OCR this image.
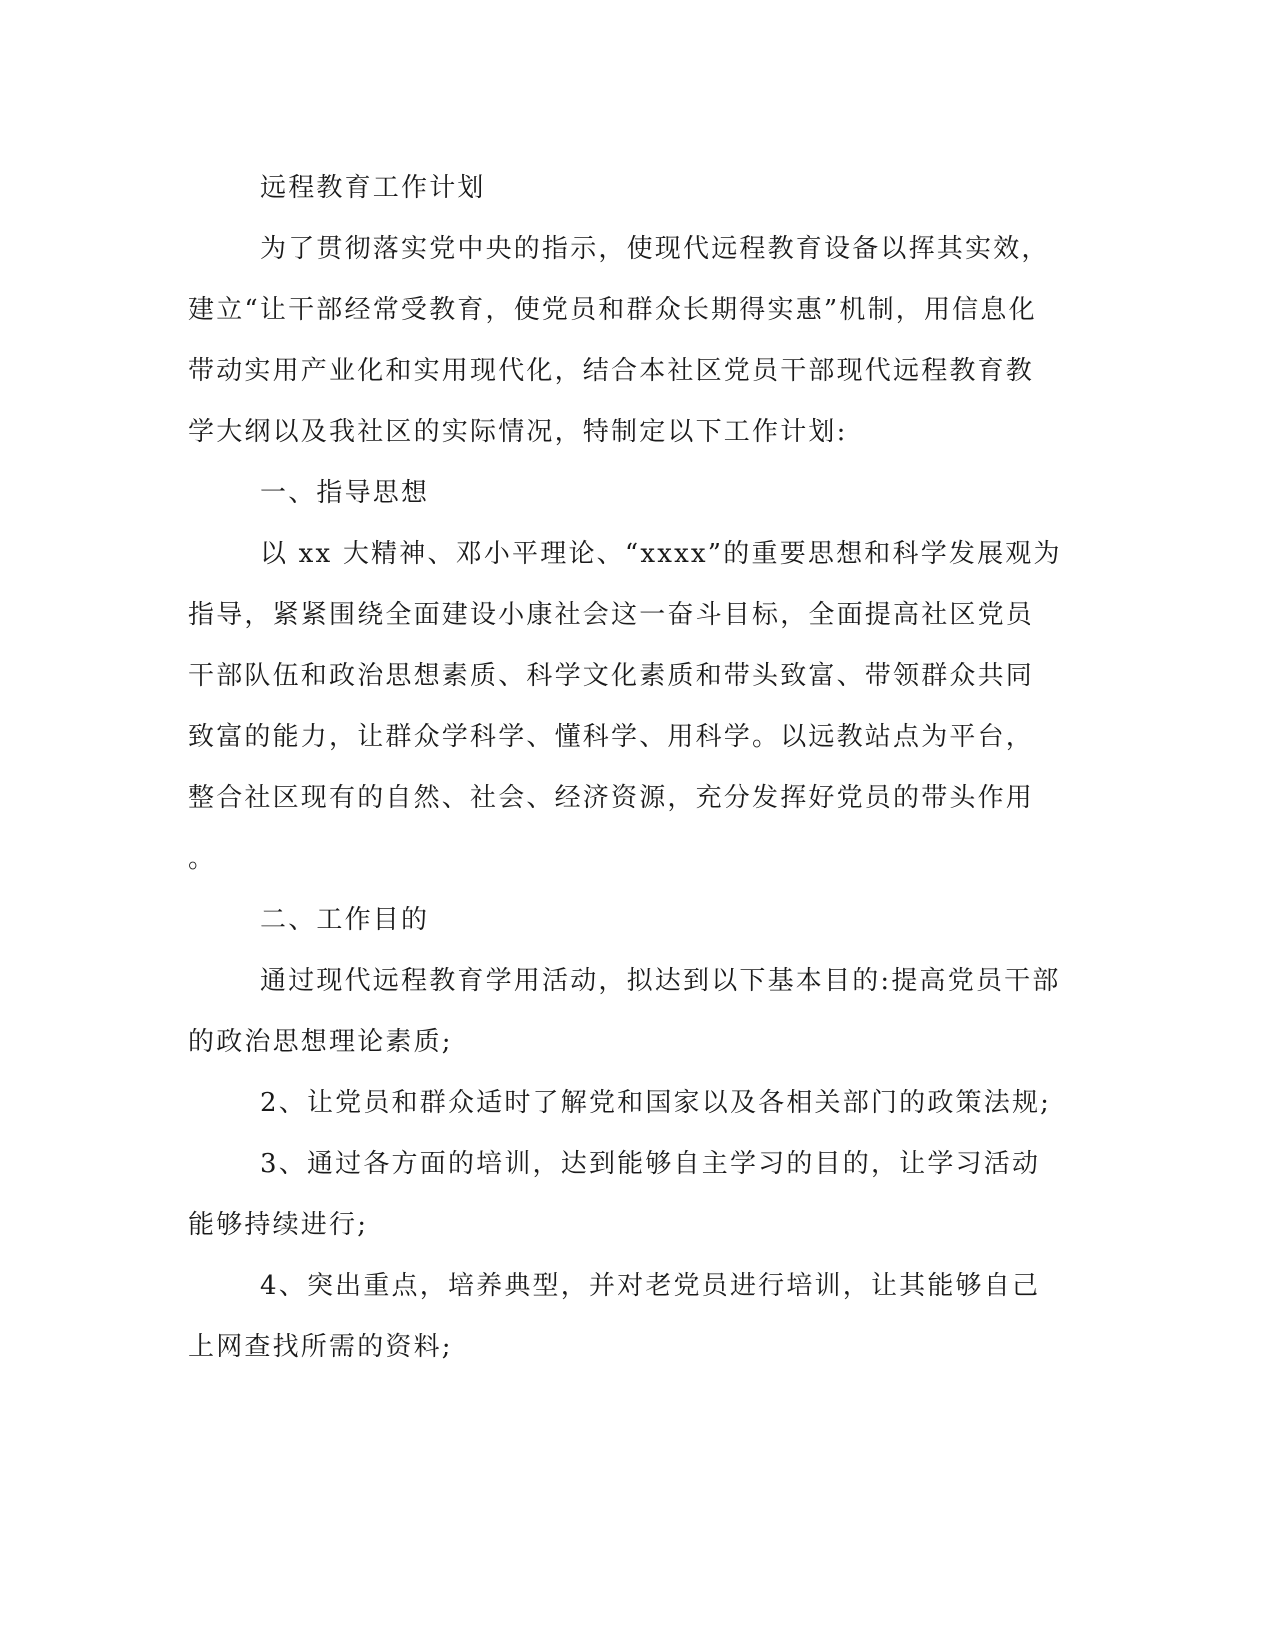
远程教育工作计划
为了贯彻落实党中央的指示，使现代远程教育设备以挥其实效，
建立“让干部经常受教育，使党员和群众长期得实惠”机制，用信息化
带动实用产业化和实用现代化，结合本社区党员干部现代远程教育教
学大纲以及我社区的实际情况，特制定以下工作计划:
一、指导思想
以 xx 大精神、邓小平理论、“xxxx”的重要思想和科学发展观为
指导，紧紧围绕全面建设小康社会这一奋斗目标，全面提高社区党员
干部队伍和政治思想素质、科学文化素质和带头致富、带领群众共同
致富的能力，让群众学科学、懂科学、用科学。以远教站点为平台，
整合社区现有的自然、社会、经济资源，充分发挥好党员的带头作用
。
二、工作目的
通过现代远程教育学用活动，拟达到以下基本目的:提高党员干部
的政治思想理论素质;
2、让党员和群众适时了解党和国家以及各相关部门的政策法规;
3、通过各方面的培训，达到能够自主学习的目的，让学习活动
能够持续进行;
4、突出重点，培养典型，并对老党员进行培训，让其能够自己
上网查找所需的资料;
